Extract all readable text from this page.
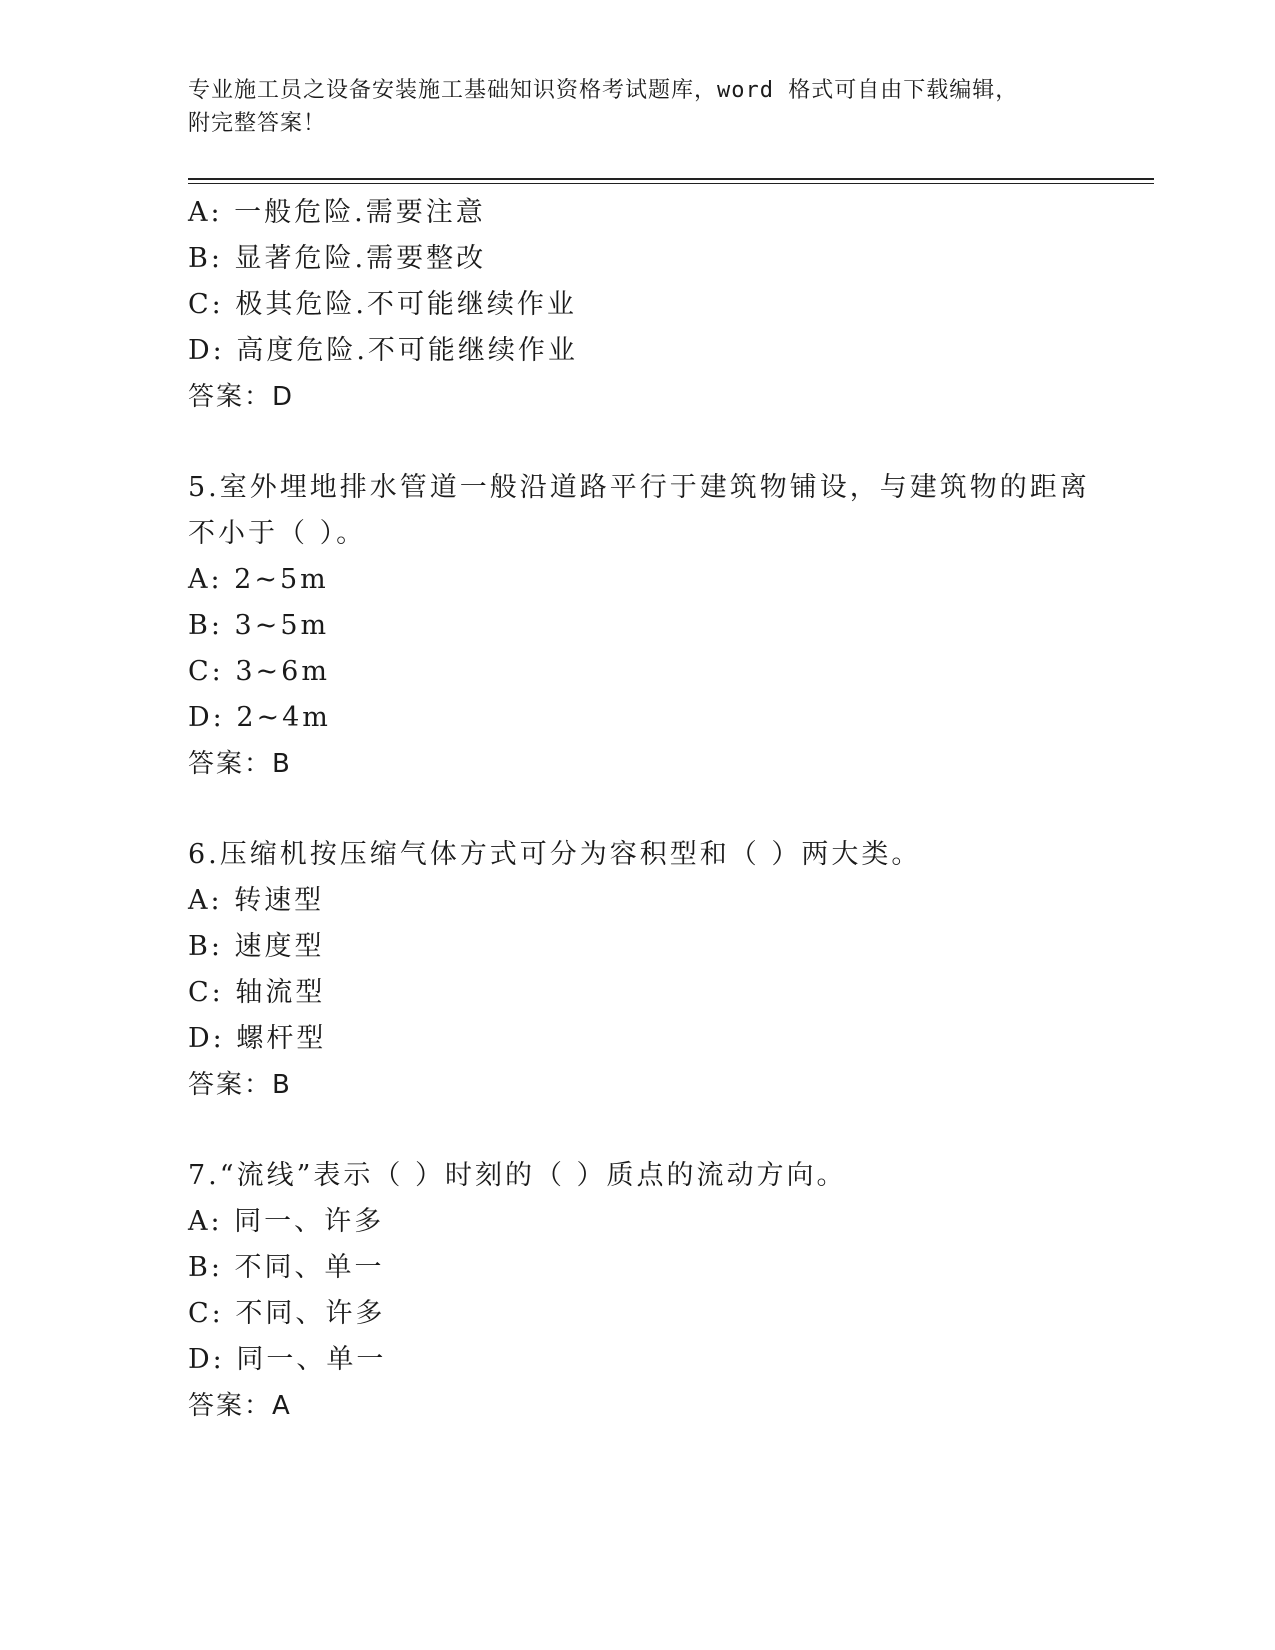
专业施工员之设备安装施工基础知识资格考试题库，word 格式可自由下载编辑，
附完整答案！
A: 一般危险.需要注意
B: 显著危险.需要整改
C: 极其危险.不可能继续作业
D: 高度危险.不可能继续作业
答案：D
5.室外埋地排水管道一般沿道路平行于建筑物铺设，与建筑物的距离
不小于（ ）。
A: 2~5m
B: 3~5m
C: 3~6m
D: 2~4m
答案：B
6.压缩机按压缩气体方式可分为容积型和（ ）两大类。
A: 转速型
B: 速度型
C: 轴流型
D: 螺杆型
答案：B
7.“流线”表示（ ）时刻的（ ）质点的流动方向。
A: 同一、许多
B: 不同、单一
C: 不同、许多
D: 同一、单一
答案：A
